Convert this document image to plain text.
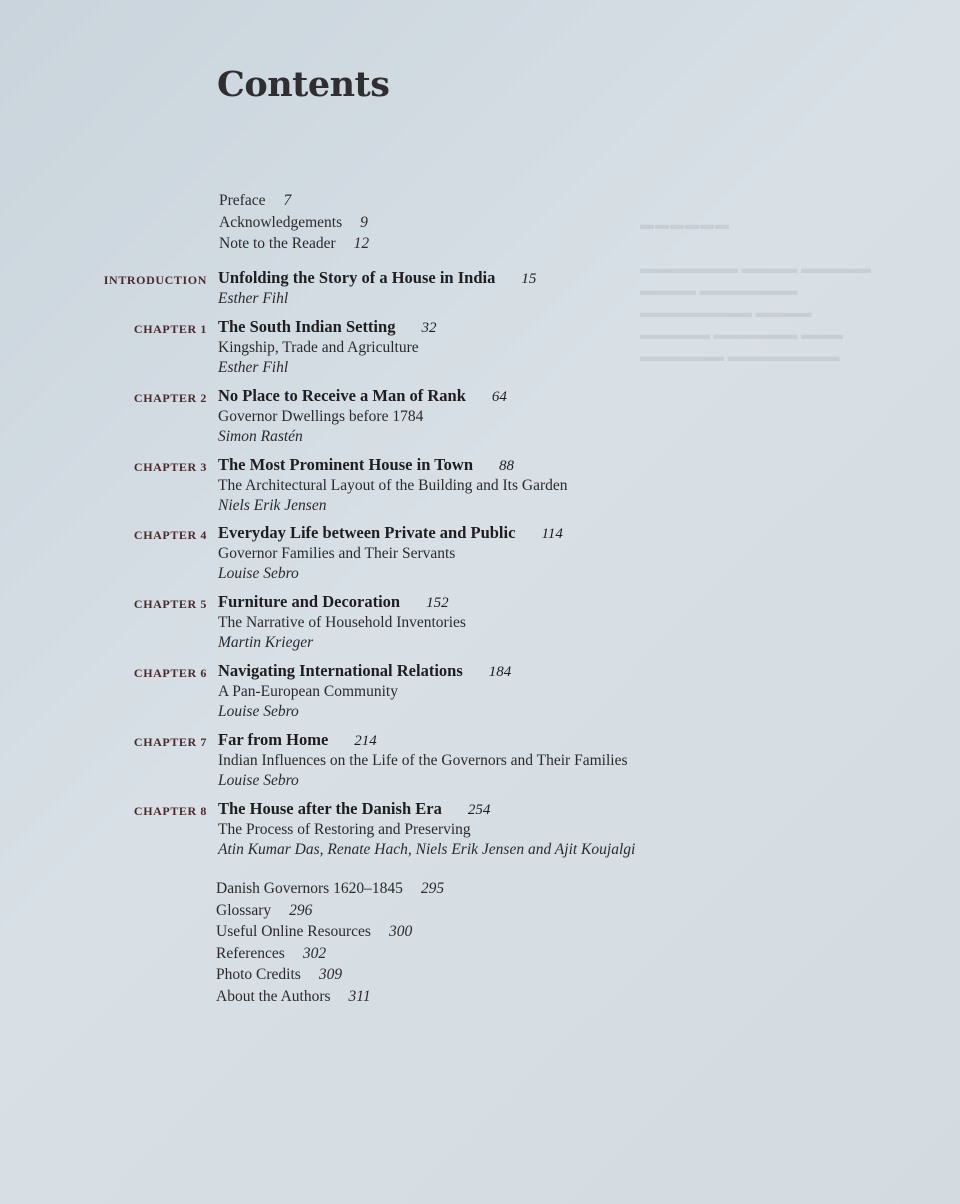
▬▬▬▬▬▬
▬▬▬▬▬▬▬ ▬▬▬▬ ▬▬▬▬▬
▬▬▬▬ ▬▬▬▬▬▬▬
▬▬▬▬▬▬▬▬ ▬▬▬▬
▬▬▬▬▬ ▬▬▬▬▬▬ ▬▬▬
▬▬▬▬▬▬ ▬▬▬▬▬▬▬▬
Contents
Preface 7
Acknowledgements 9
Note to the Reader 12
INTRODUCTION Unfolding the Story of a House in India 15
Esther Fihl
CHAPTER 1 The South Indian Setting 32
Kingship, Trade and Agriculture
Esther Fihl
CHAPTER 2 No Place to Receive a Man of Rank 64
Governor Dwellings before 1784
Simon Rastén
CHAPTER 3 The Most Prominent House in Town 88
The Architectural Layout of the Building and Its Garden
Niels Erik Jensen
CHAPTER 4 Everyday Life between Private and Public 114
Governor Families and Their Servants
Louise Sebro
CHAPTER 5 Furniture and Decoration 152
The Narrative of Household Inventories
Martin Krieger
CHAPTER 6 Navigating International Relations 184
A Pan-European Community
Louise Sebro
CHAPTER 7 Far from Home 214
Indian Influences on the Life of the Governors and Their Families
Louise Sebro
CHAPTER 8 The House after the Danish Era 254
The Process of Restoring and Preserving
Atin Kumar Das, Renate Hach, Niels Erik Jensen and Ajit Koujalgi
Danish Governors 1620–1845 295
Glossary 296
Useful Online Resources 300
References 302
Photo Credits 309
About the Authors 311
